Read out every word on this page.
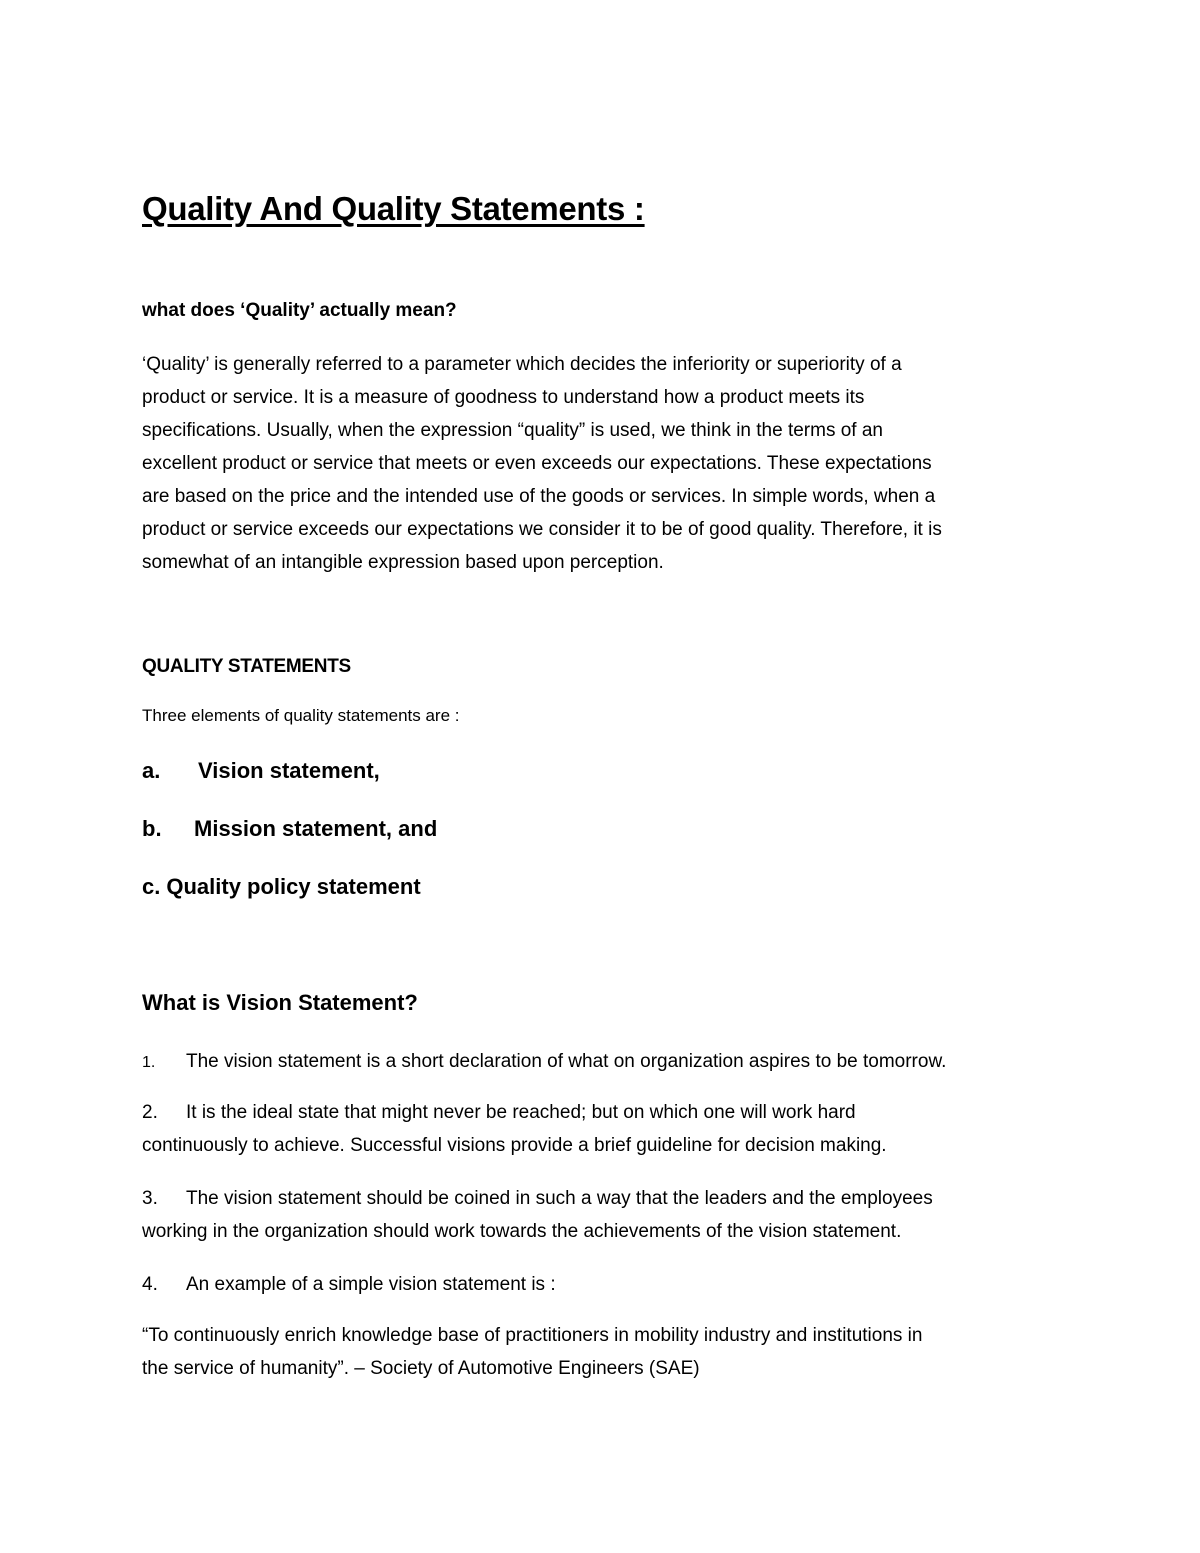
Quality And Quality Statements :

what does ‘Quality’ actually mean?

‘Quality’ is generally referred to a parameter which decides the inferiority or superiority of a
product or service. It is a measure of goodness to understand how a product meets its
specifications. Usually, when the expression “quality” is used, we think in the terms of an
excellent product or service that meets or even exceeds our expectations. These expectations
are based on the price and the intended use of the goods or services. In simple words, when a
product or service exceeds our expectations we consider it to be of good quality. Therefore, it is
somewhat of an intangible expression based upon perception.

QUALITY STATEMENTS

Three elements of quality statements are :

a. Vision statement,

b. Mission statement, and

c. Quality policy statement

What is Vision Statement?

1. The vision statement is a short declaration of what on organization aspires to be tomorrow.

2. It is the ideal state that might never be reached; but on which one will work hard
continuously to achieve. Successful visions provide a brief guideline for decision making.

3. The vision statement should be coined in such a way that the leaders and the employees
working in the organization should work towards the achievements of the vision statement.

4. An example of a simple vision statement is :

“To continuously enrich knowledge base of practitioners in mobility industry and institutions in
the service of humanity”. – Society of Automotive Engineers (SAE)
